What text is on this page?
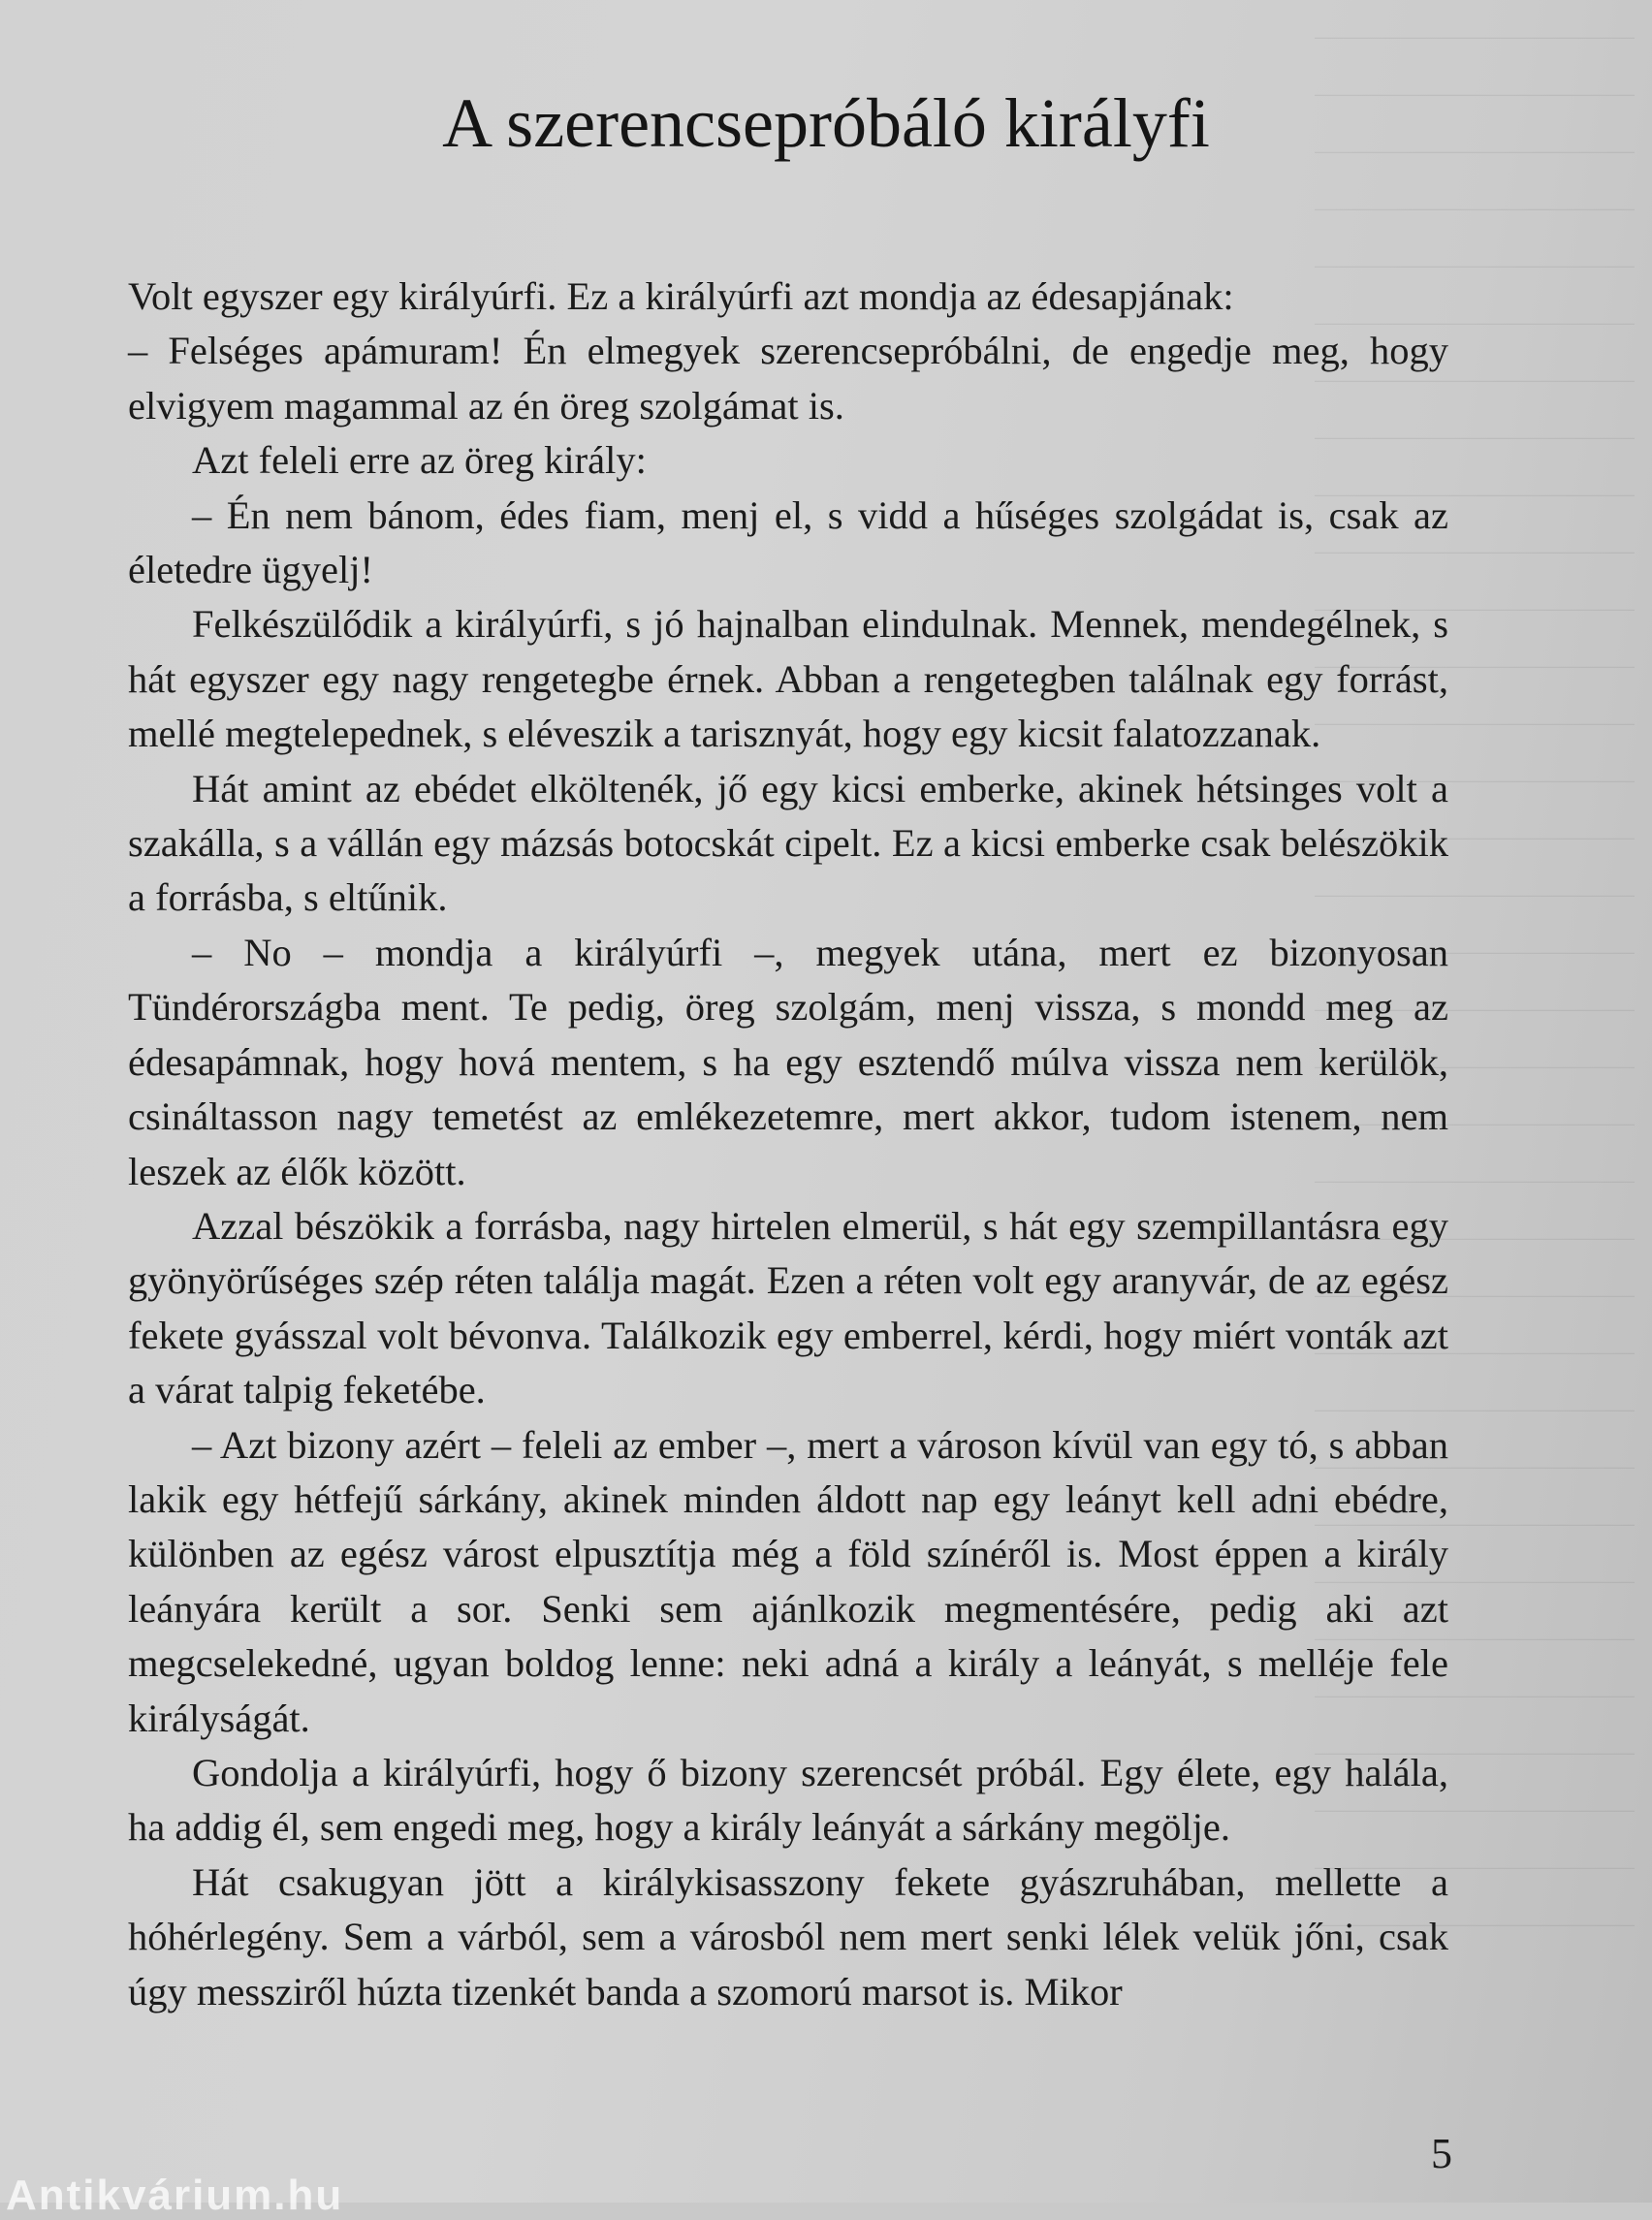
A szerencsepróbáló királyfi

Volt egyszer egy királyúrfi. Ez a királyúrfi azt mondja az édesapjának:

– Felséges apámuram! Én elmegyek szerencsepróbálni, de engedje meg, hogy elvigyem magammal az én öreg szolgámat is.

Azt feleli erre az öreg király:

– Én nem bánom, édes fiam, menj el, s vidd a hűséges szolgádat is, csak az életedre ügyelj!

Felkészülődik a királyúrfi, s jó hajnalban elindulnak. Mennek, mendegélnek, s hát egyszer egy nagy rengetegbe érnek. Abban a rengetegben találnak egy forrást, mellé megtelepednek, s eléveszik a tarisznyát, hogy egy kicsit falatozzanak.

Hát amint az ebédet elköltenék, jő egy kicsi emberke, akinek hétsinges volt a szakálla, s a vállán egy mázsás botocskát cipelt. Ez a kicsi emberke csak belészökik a forrásba, s eltűnik.

– No – mondja a királyúrfi –, megyek utána, mert ez bizonyosan Tündérországba ment. Te pedig, öreg szolgám, menj vissza, s mondd meg az édesapámnak, hogy hová mentem, s ha egy esztendő múlva vissza nem kerülök, csináltasson nagy temetést az emlékezetemre, mert akkor, tudom istenem, nem leszek az élők között.

Azzal bészökik a forrásba, nagy hirtelen elmerül, s hát egy szempillantásra egy gyönyörűséges szép réten találja magát. Ezen a réten volt egy aranyvár, de az egész fekete gyásszal volt bévonva. Találkozik egy emberrel, kérdi, hogy miért vonták azt a várat talpig feketébe.

– Azt bizony azért – feleli az ember –, mert a városon kívül van egy tó, s abban lakik egy hétfejű sárkány, akinek minden áldott nap egy leányt kell adni ebédre, különben az egész várost elpusztítja még a föld színéről is. Most éppen a király leányára került a sor. Senki sem ajánlkozik megmentésére, pedig aki azt megcselekedné, ugyan boldog lenne: neki adná a király a leányát, s melléje fele királyságát.

Gondolja a királyúrfi, hogy ő bizony szerencsét próbál. Egy élete, egy halála, ha addig él, sem engedi meg, hogy a király leányát a sárkány megölje.

Hát csakugyan jött a királykisasszony fekete gyászruhában, mellette a hóhérlegény. Sem a várból, sem a városból nem mert senki lélek velük jőni, csak úgy messziről húzta tizenkét banda a szomorú marsot is. Mikor

5
Antikvárium.hu
